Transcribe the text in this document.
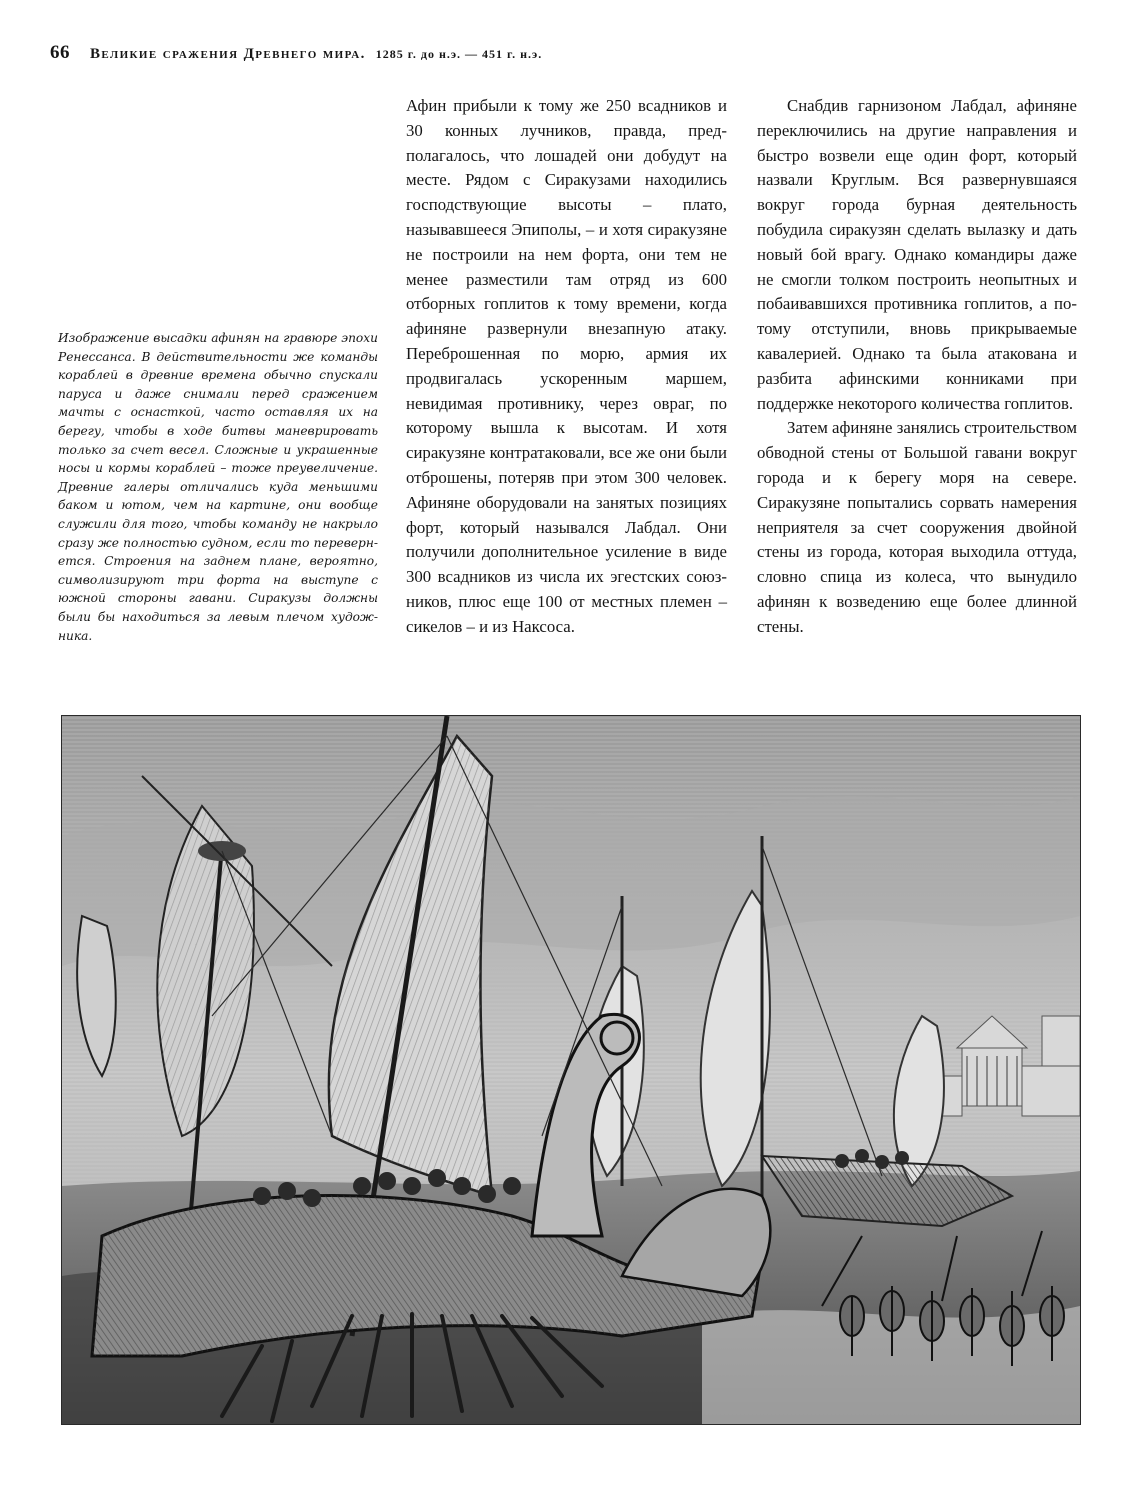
66 Великие сражения Древнего мира. 1285 г. до н.э. — 451 г. н.э.
Изображение высадки афинян на гравюре эпохи Ренессанса. В действительности же команды кораблей в древние времена обычно спускали паруса и даже снимали перед сражением мачты с оснасткой, часто оставляя их на берегу, чтобы в ходе битвы маневрировать только за счет весел. Сложные и украшенные носы и кормы кораблей – тоже преувеличение. Древние галеры отличались куда меньшими баком и ютом, чем на картине, они вообще служили для того, чтобы команду не накрыло сразу же полностью судном, если то перевернется. Строения на заднем плане, вероятно, символизируют три форта на выступе с южной стороны гавани. Сиракузы должны были бы находиться за левым плечом художника.

Афин прибыли к тому же 250 всадников и 30 конных лучников, правда, предполагалось, что лошадей они добудут на месте. Рядом с Сиракузами находились господствующие высоты – плато, называвшееся Эпиполы, – и хотя сиракузяне не построили на нем форта, они тем не менее разместили там отряд из 600 отборных гоплитов к тому времени, когда афиняне развернули внезапную атаку. Переброшенная по морю, армия их продвигалась ускоренным маршем, невидимая противнику, через овраг, по которому вышла к высотам. И хотя сиракузяне контратаковали, все же они были отброшены, потеряв при этом 300 человек. Афиняне оборудовали на занятых позициях форт, который назывался Лабдал. Они получили дополнительное усиление в виде 300 всадников из числа их эгестских союзников, плюс еще 100 от местных племен – сикелов – и из Наксоса.

Снабдив гарнизоном Лабдал, афиняне переключились на другие направления и быстро возвели еще один форт, который назвали Круглым. Вся развернувшаяся вокруг города бурная деятельность побудила сиракузян сделать вылазку и дать новый бой врагу. Однако командиры даже не смогли толком построить неопытных и побаивавшихся противника гоплитов, а потому отступили, вновь прикрываемые кавалерией. Однако та была атакована и разбита афинскими конниками при поддержке некоторого количества гоплитов.

Затем афиняне занялись строительством обводной стены от Большой гавани вокруг города и к берегу моря на севере. Сиракузяне попытались сорвать намерения неприятеля за счет сооружения двойной стены из города, которая выходила оттуда, словно спица из колеса, что вынудило афинян к возведению еще более длинной стены.
